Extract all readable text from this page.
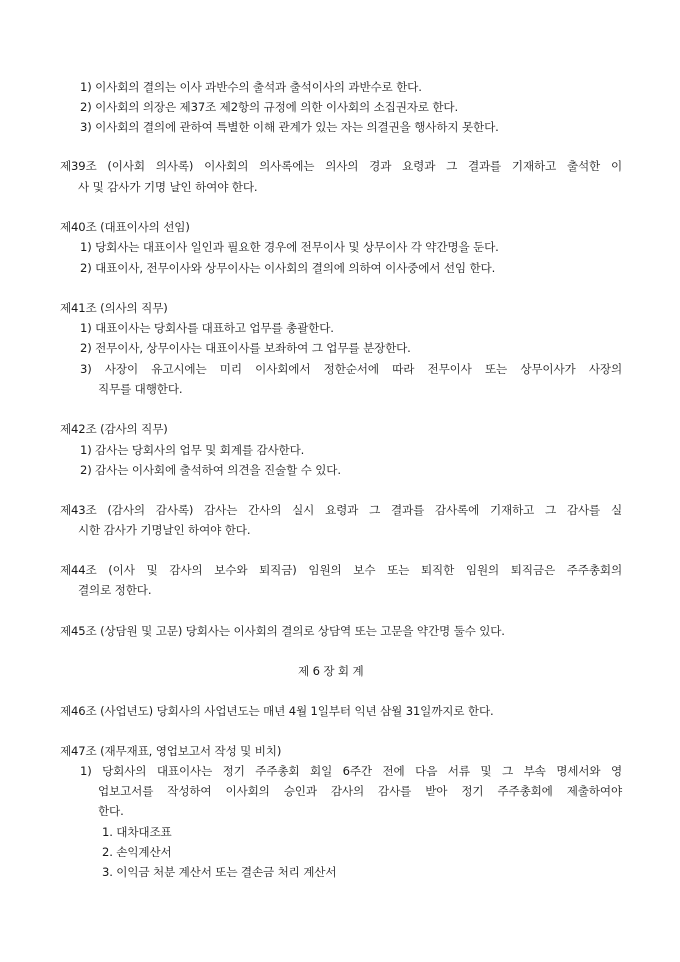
1) 이사회의 결의는 이사 과반수의 출석과 출석이사의 과반수로 한다.
2) 이사회의 의장은 제37조 제2항의 규정에 의한 이사회의 소집권자로 한다.
3) 이사회의 결의에 관하여 특별한 이해 관계가 있는 자는 의결권을 행사하지 못한다.
제39조 (이사회 의사록) 이사회의 의사록에는 의사의 경과 요령과 그 결과를 기재하고 출석한 이
사 및 감사가 기명 날인 하여야 한다.
제40조 (대표이사의 선임)
1) 당회사는 대표이사 일인과 필요한 경우에 전무이사 및 상무이사 각 약간명을 둔다.
2) 대표이사, 전무이사와 상무이사는 이사회의 결의에 의하여 이사중에서 선임 한다.
제41조 (의사의 직무)
1) 대표이사는 당회사를 대표하고 업무를 총괄한다.
2) 전무이사, 상무이사는 대표이사를 보좌하여 그 업무를 분장한다.
3) 사장이 유고시에는 미리 이사회에서 정한순서에 따라 전무이사 또는 상무이사가 사장의
직무를 대행한다.
제42조 (감사의 직무)
1) 감사는 당회사의 업무 및 회계를 감사한다.
2) 감사는 이사회에 출석하여 의견을 진술할 수 있다.
제43조 (감사의 감사록) 감사는 간사의 실시 요령과 그 결과를 감사록에 기재하고 그 감사를 실
시한 감사가 기명날인 하여야 한다.
제44조 (이사 및 감사의 보수와 퇴직금) 임원의 보수 또는 퇴직한 임원의 퇴직금은 주주총회의
결의로 정한다.
제45조 (상담원 및 고문) 당회사는 이사회의 결의로 상담역 또는 고문을 약간명 둘수 있다.
제 6 장 회 계
제46조 (사업년도) 당회사의 사업년도는 매년 4월 1일부터 익년 삼월 31일까지로 한다.
제47조 (재무재표, 영업보고서 작성 및 비치)
1) 당회사의 대표이사는 정기 주주총회 회일 6주간 전에 다음 서류 및 그 부속 명세서와 영
업보고서를 작성하여 이사회의 승인과 감사의 감사를 받아 정기 주주총회에 제출하여야
한다.
1. 대차대조표
2. 손익계산서
3. 이익금 처분 계산서 또는 결손금 처리 계산서
